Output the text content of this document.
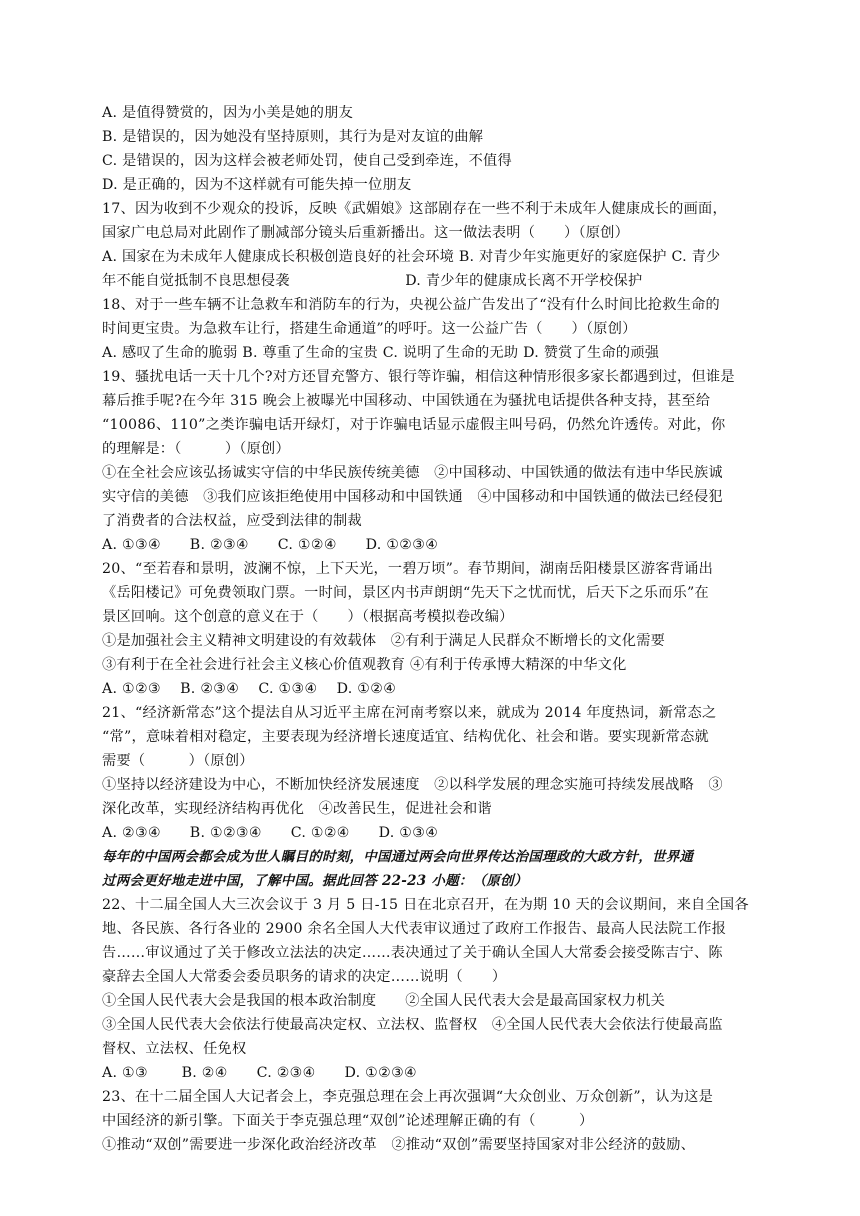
A. 是值得赞赏的，因为小美是她的朋友
B. 是错误的，因为她没有坚持原则，其行为是对友谊的曲解
C. 是错误的，因为这样会被老师处罚，使自己受到牵连，不值得
D. 是正确的，因为不这样就有可能失掉一位朋友
17、因为收到不少观众的投诉，反映《武媚娘》这部剧存在一些不利于未成年人健康成长的画面，
国家广电总局对此剧作了删减部分镜头后重新播出。这一做法表明（　　）（原创）
A. 国家在为未成年人健康成长积极创造良好的社会环境 B. 对青少年实施更好的家庭保护 C. 青少
年不能自觉抵制不良思想侵袭　　　　　　　　D. 青少年的健康成长离不开学校保护
18、对于一些车辆不让急救车和消防车的行为，央视公益广告发出了“没有什么时间比抢救生命的
时间更宝贵。为急救车让行，搭建生命通道”的呼吁。这一公益广告（　　）（原创）
A. 感叹了生命的脆弱 B. 尊重了生命的宝贵 C. 说明了生命的无助 D. 赞赏了生命的顽强
19、骚扰电话一天十几个?对方还冒充警方、银行等诈骗，相信这种情形很多家长都遇到过，但谁是
幕后推手呢?在今年 315 晚会上被曝光中国移动、中国铁通在为骚扰电话提供各种支持，甚至给
“10086、110”之类诈骗电话开绿灯，对于诈骗电话显示虚假主叫号码，仍然允许透传。对此，你
的理解是：（　　　）（原创）
①在全社会应该弘扬诚实守信的中华民族传统美德　②中国移动、中国铁通的做法有违中华民族诚
实守信的美德　③我们应该拒绝使用中国移动和中国铁通　④中国移动和中国铁通的做法已经侵犯
了消费者的合法权益，应受到法律的制裁
A. ①③④　　B. ②③④　　C. ①②④　　D. ①②③④
20、“至若春和景明，波澜不惊，上下天光，一碧万顷”。春节期间，湖南岳阳楼景区游客背诵出
《岳阳楼记》可免费领取门票。一时间，景区内书声朗朗“先天下之忧而忧，后天下之乐而乐”在
景区回响。这个创意的意义在于（　　）（根据高考模拟卷改编）
①是加强社会主义精神文明建设的有效载体　②有利于满足人民群众不断增长的文化需要
③有利于在全社会进行社会主义核心价值观教育 ④有利于传承博大精深的中华文化
A. ①②③　 B. ②③④　 C. ①③④　 D. ①②④
21、“经济新常态”这个提法自从习近平主席在河南考察以来，就成为 2014 年度热词，新常态之
“常”，意味着相对稳定，主要表现为经济增长速度适宜、结构优化、社会和谐。要实现新常态就
需要（　　　）（原创）
①坚持以经济建设为中心，不断加快经济发展速度　②以科学发展的理念实施可持续发展战略　③
深化改革，实现经济结构再优化　④改善民生，促进社会和谐
A. ②③④　　B. ①②③④　　C. ①②④　　D. ①③④
每年的中国两会都会成为世人瞩目的时刻，中国通过两会向世界传达治国理政的大政方针，世界通
过两会更好地走进中国，了解中国。据此回答 22-23 小题：（原创）
22、十二届全国人大三次会议于 3 月 5 日-15 日在北京召开，在为期 10 天的会议期间，来自全国各
地、各民族、各行各业的 2900 余名全国人大代表审议通过了政府工作报告、最高人民法院工作报
告……审议通过了关于修改立法法的决定……表决通过了关于确认全国人大常委会接受陈吉宁、陈
豪辞去全国人大常委会委员职务的请求的决定……说明（　　）
①全国人民代表大会是我国的根本政治制度　　②全国人民代表大会是最高国家权力机关
③全国人民代表大会依法行使最高决定权、立法权、监督权　④全国人民代表大会依法行使最高监
督权、立法权、任免权
A. ①③　　 B. ②④　　C. ②③④　　D. ①②③④
23、在十二届全国人大记者会上，李克强总理在会上再次强调“大众创业、万众创新”，认为这是
中国经济的新引擎。下面关于李克强总理“双创”论述理解正确的有（　　　）
①推动“双创”需要进一步深化政治经济改革　②推动“双创”需要坚持国家对非公经济的鼓励、
